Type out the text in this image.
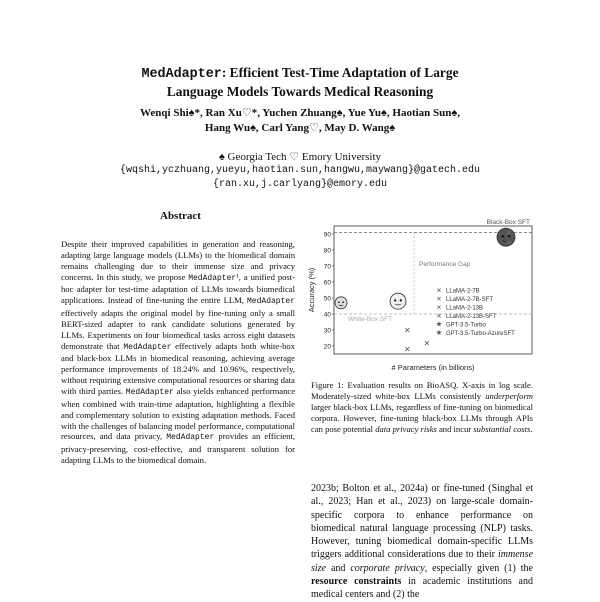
MedAdapter: Efficient Test-Time Adaptation of Large
Language Models Towards Medical Reasoning
Wenqi Shi♠*, Ran Xu♡*, Yuchen Zhuang♠, Yue Yu♠, Haotian Sun♠,
Hang Wu♠, Carl Yang♡, May D. Wang♠
♠ Georgia Tech ♡ Emory University
{wqshi,yczhuang,yueyu,haotian.sun,hangwu,maywang}@gatech.edu
{ran.xu,j.carlyang}@emory.edu
Abstract
Despite their improved capabilities in generation and reasoning, adapting large language models (LLMs) to the biomedical domain remains challenging due to their immense size and privacy concerns. In this study, we propose MedAdapter¹, a unified post-hoc adapter for test-time adaptation of LLMs towards biomedical applications. Instead of fine-tuning the entire LLM, MedAdapter effectively adapts the original model by fine-tuning only a small BERT-sized adapter to rank candidate solutions generated by LLMs. Experiments on four biomedical tasks across eight datasets demonstrate that MedAdapter effectively adapts both white-box and black-box LLMs in biomedical reasoning, achieving average performance improvements of 18.24% and 10.96%, respectively, without requiring extensive computational resources or sharing data with third parties. MedAdapter also yields enhanced performance when combined with train-time adaptation, highlighting a flexible and complementary solution to existing adaptation methods. Faced with the challenges of balancing model performance, computational resources, and data privacy, MedAdapter provides an efficient, privacy-preserving, cost-effective, and transparent solution for adapting LLMs to the biomedical domain.
20
30
40
50
60
70
80
90
Accuracy (%)
# Parameters (in billions)
Black-Box SFT
Performance Gap
White-Box SFT
✕
✕
✕
★
★
✕ LLaMA-2-7B
✕ LLaMA-2-7B-SFT
✕ LLaMA-2-13B
✕ LLaMA-2-13B-SFT
★ GPT-3.5-Turbo
★ GPT-3.5-Turbo-AzureSFT
Figure 1: Evaluation results on BioASQ. X-axis in log scale. Moderately-sized white-box LLMs consistently underperform larger black-box LLMs, regardless of fine-tuning on biomedical corpora. However, fine-tuning black-box LLMs through APIs can pose potential data privacy risks and incur substantial costs.
2023b; Bolton et al., 2024a) or fine-tuned (Singhal et al., 2023; Han et al., 2023) on large-scale domain-specific corpora to enhance performance on biomedical natural language processing (NLP) tasks. However, tuning biomedical domain-specific LLMs triggers additional considerations due to their immense size and corporate privacy, especially given (1) the resource constraints in academic institutions and medical centers and (2) the
